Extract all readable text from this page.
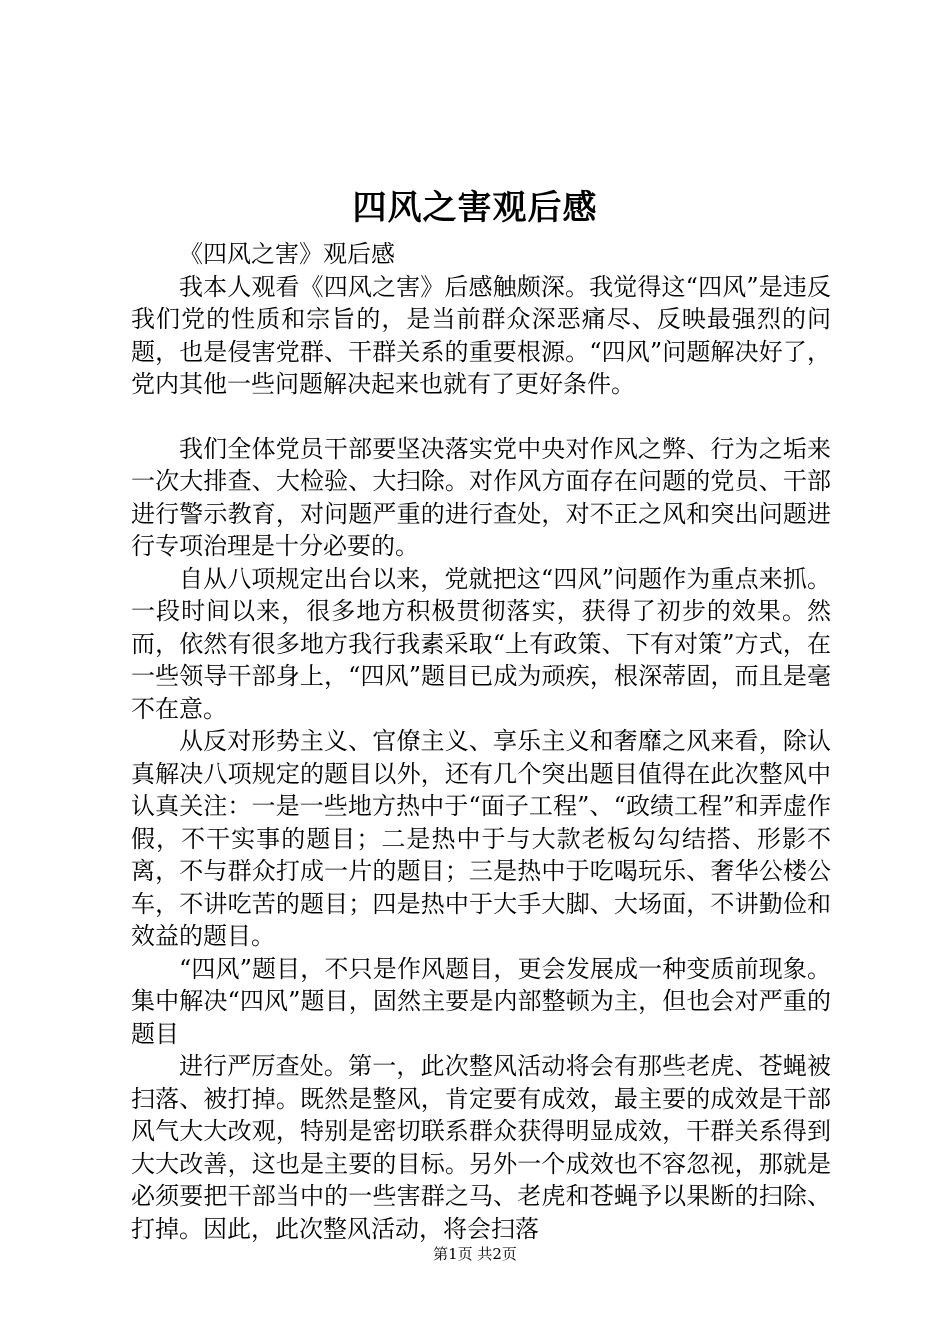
四风之害观后感

《四风之害》观后感

我本人观看《四风之害》后感触颇深。我觉得这“四风”是违反我们党的性质和宗旨的，是当前群众深恶痛尽、反映最强烈的问题，也是侵害党群、干群关系的重要根源。“四风”问题解决好了，党内其他一些问题解决起来也就有了更好条件。

我们全体党员干部要坚决落实党中央对作风之弊、行为之垢来一次大排查、大检验、大扫除。对作风方面存在问题的党员、干部进行警示教育，对问题严重的进行查处，对不正之风和突出问题进行专项治理是十分必要的。

自从八项规定出台以来，党就把这“四风”问题作为重点来抓。一段时间以来，很多地方积极贯彻落实，获得了初步的效果。然而，依然有很多地方我行我素采取“上有政策、下有对策”方式，在一些领导干部身上，“四风”题目已成为顽疾，根深蒂固，而且是毫不在意。

从反对形势主义、官僚主义、享乐主义和奢靡之风来看，除认真解决八项规定的题目以外，还有几个突出题目值得在此次整风中认真关注：一是一些地方热中于“面子工程”、“政绩工程”和弄虚作假，不干实事的题目；二是热中于与大款老板勾勾结搭、形影不离，不与群众打成一片的题目；三是热中于吃喝玩乐、奢华公楼公车，不讲吃苦的题目；四是热中于大手大脚、大场面，不讲勤俭和效益的题目。

“四风”题目，不只是作风题目，更会发展成一种变质前现象。集中解决“四风”题目，固然主要是内部整顿为主，但也会对严重的题目

进行严厉查处。第一，此次整风活动将会有那些老虎、苍蝇被扫落、被打掉。既然是整风，肯定要有成效，最主要的成效是干部风气大大改观，特别是密切联系群众获得明显成效，干群关系得到大大改善，这也是主要的目标。另外一个成效也不容忽视，那就是必须要把干部当中的一些害群之马、老虎和苍蝇予以果断的扫除、打掉。因此，此次整风活动，将会扫落

第1页 共2页
